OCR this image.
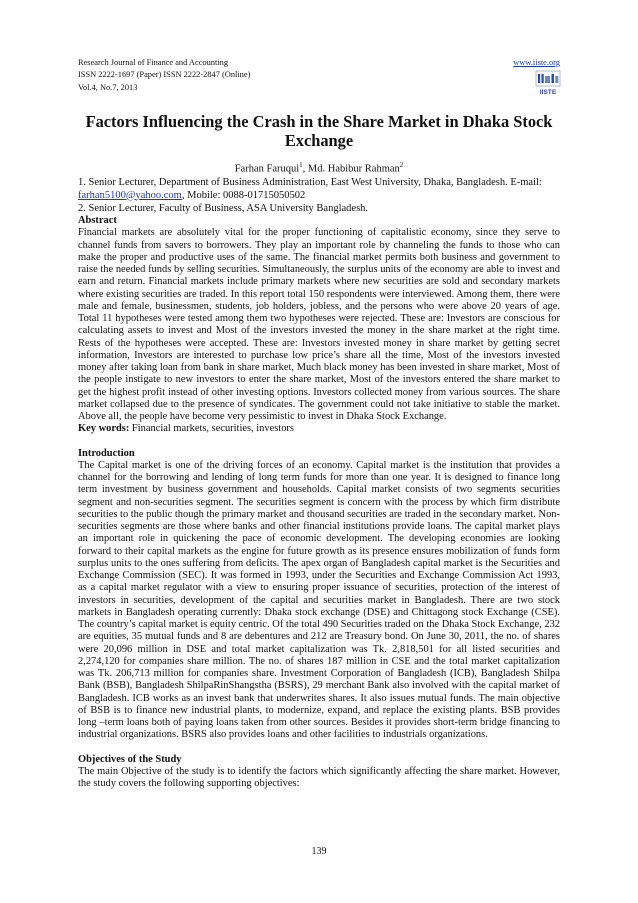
Research Journal of Finance and Accounting
ISSN 2222-1697 (Paper) ISSN 2222-2847 (Online)
Vol.4, No.7, 2013
www.iiste.org
IISTE
Factors Influencing the Crash in the Share Market in Dhaka Stock Exchange
Farhan Faruqui$^1$, Md. Habibur Rahman$^2$
1. Senior Lecturer, Department of Business Administration, East West University, Dhaka, Bangladesh. E-mail:
farhan5100@yahoo.com, Mobile: 0088-01715050502
2. Senior Lecturer, Faculty of Business, ASA University Bangladesh.
Abstract

Financial markets are absolutely vital for the proper functioning of capitalistic economy, since they serve to channel funds from savers to borrowers. They play an important role by channeling the funds to those who can make the proper and productive uses of the same. The financial market permits both business and government to raise the needed funds by selling securities. Simultaneously, the surplus units of the economy are able to invest and earn and return. Financial markets include primary markets where new securities are sold and secondary markets where existing securities are traded. In this report total 150 respondents were interviewed. Among them, there were male and female, businessmen, students, job holders, jobless, and the persons who were above 20 years of age. Total 11 hypotheses were tested among them two hypotheses were rejected. These are: Investors are conscious for calculating assets to invest and Most of the investors invested the money in the share market at the right time. Rests of the hypotheses were accepted. These are: Investors invested money in share market by getting secret information, Investors are interested to purchase low price’s share all the time, Most of the investors invested money after taking loan from bank in share market, Much black money has been invested in share market, Most of the people instigate to new investors to enter the share market, Most of the investors entered the share market to get the highest profit instead of other investing options. Investors collected money from various sources. The share market collapsed due to the presence of syndicates. The government could not take initiative to stable the market. Above all, the people have become very pessimistic to invest in Dhaka Stock Exchange.

Key words: Financial markets, securities, investors

Introduction

The Capital market is one of the driving forces of an economy. Capital market is the institution that provides a channel for the borrowing and lending of long term funds for more than one year. It is designed to finance long term investment by business government and households. Capital market consists of two segments securities segment and non-securities segment. The securities segment is concern with the process by which firm distribute securities to the public though the primary market and thousand securities are traded in the secondary market. Non-securities segments are those where banks and other financial institutions provide loans. The capital market plays an important role in quickening the pace of economic development. The developing economies are looking forward to their capital markets as the engine for future growth as its presence ensures mobilization of funds form surplus units to the ones suffering from deficits. The apex organ of Bangladesh capital market is the Securities and Exchange Commission (SEC). It was formed in 1993, under the Securities and Exchange Commission Act 1993, as a capital market regulator with a view to ensuring proper issuance of securities, protection of the interest of investors in securities, development of the capital and securities market in Bangladesh. There are two stock markets in Bangladesh operating currently: Dhaka stock exchange (DSE) and Chittagong stock Exchange (CSE). The country’s capital market is equity centric. Of the total 490 Securities traded on the Dhaka Stock Exchange, 232 are equities, 35 mutual funds and 8 are debentures and 212 are Treasury bond. On June 30, 2011, the no. of shares were 20,096 million in DSE and total market capitalization was Tk. 2,818,501 for all listed securities and 2,274,120 for companies share million. The no. of shares 187 million in CSE and the total market capitalization was Tk. 206,713 million for companies share. Investment Corporation of Bangladesh (ICB), Bangladesh Shilpa Bank (BSB), Bangladesh ShilpaRinShangstha (BSRS), 29 merchant Bank also involved with the capital market of Bangladesh. ICB works as an invest bank that underwrites shares. It also issues mutual funds. The main objective of BSB is to finance new industrial plants, to modernize, expand, and replace the existing plants. BSB provides long –term loans both of paying loans taken from other sources. Besides it provides short-term bridge financing to industrial organizations. BSRS also provides loans and other facilities to industrials organizations.

Objectives of the Study

The main Objective of the study is to identify the factors which significantly affecting the share market. However, the study covers the following supporting objectives:

139
